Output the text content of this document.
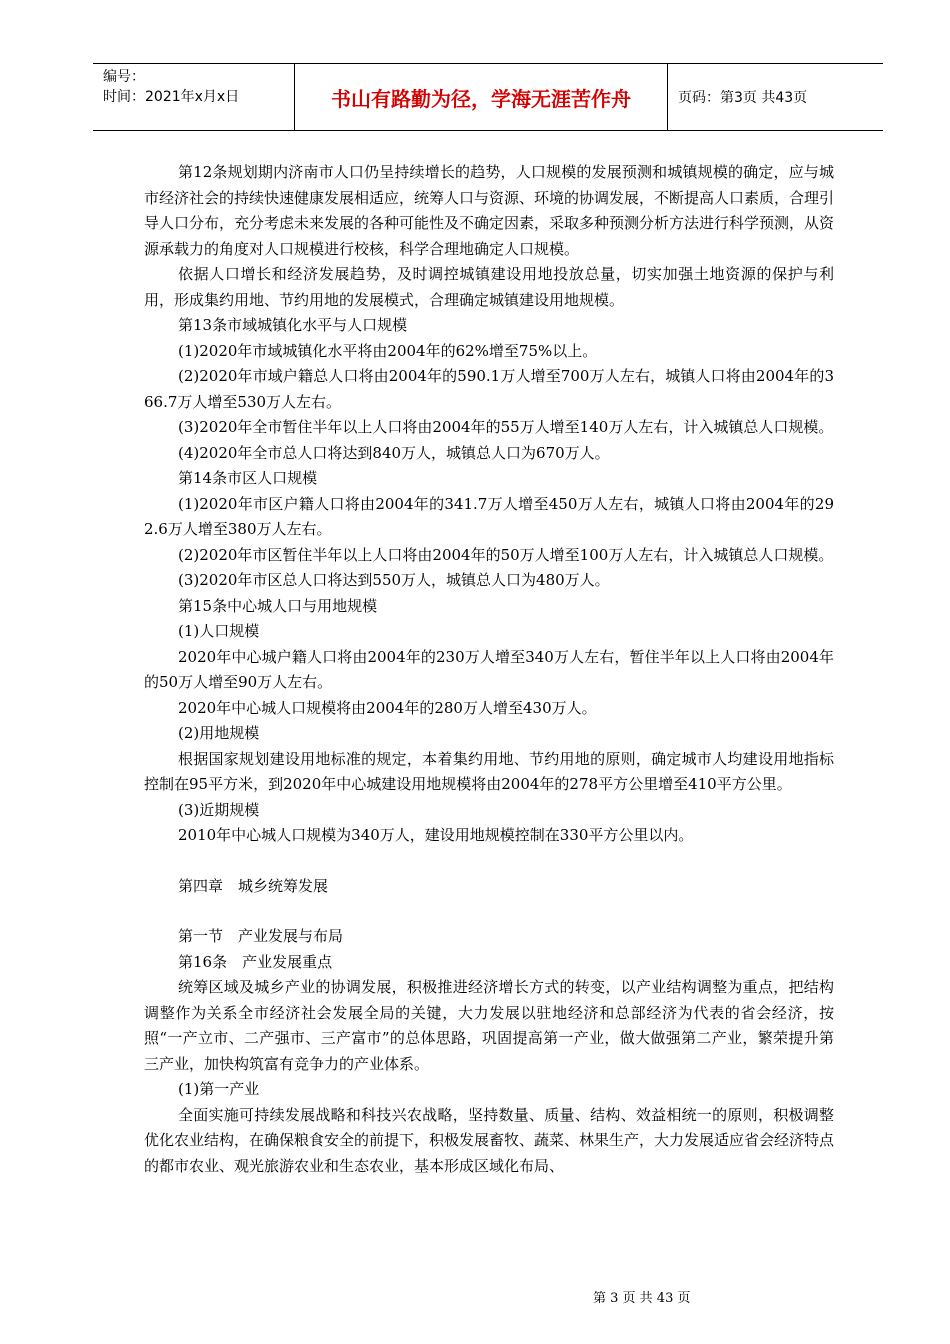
编号：
时间：2021年x月x日	书山有路勤为径，学海无涯苦作舟	页码：第3页 共43页

第12条规划期内济南市人口仍呈持续增长的趋势，人口规模的发展预测和城镇规模的确定，应与城市经济社会的持续快速健康发展相适应，统筹人口与资源、环境的协调发展，不断提高人口素质，合理引导人口分布，充分考虑未来发展的各种可能性及不确定因素，采取多种预测分析方法进行科学预测，从资源承载力的角度对人口规模进行校核，科学合理地确定人口规模。

依据人口增长和经济发展趋势，及时调控城镇建设用地投放总量，切实加强土地资源的保护与利用，形成集约用地、节约用地的发展模式，合理确定城镇建设用地规模。

第13条市域城镇化水平与人口规模

(1)2020年市域城镇化水平将由2004年的62%增至75%以上。

(2)2020年市域户籍总人口将由2004年的590.1万人增至700万人左右，城镇人口将由2004年的366.7万人增至530万人左右。

(3)2020年全市暂住半年以上人口将由2004年的55万人增至140万人左右，计入城镇总人口规模。

(4)2020年全市总人口将达到840万人，城镇总人口为670万人。

第14条市区人口规模

(1)2020年市区户籍人口将由2004年的341.7万人增至450万人左右，城镇人口将由2004年的292.6万人增至380万人左右。

(2)2020年市区暂住半年以上人口将由2004年的50万人增至100万人左右，计入城镇总人口规模。

(3)2020年市区总人口将达到550万人，城镇总人口为480万人。

第15条中心城人口与用地规模

(1)人口规模

2020年中心城户籍人口将由2004年的230万人增至340万人左右，暂住半年以上人口将由2004年的50万人增至90万人左右。

2020年中心城人口规模将由2004年的280万人增至430万人。

(2)用地规模

根据国家规划建设用地标准的规定，本着集约用地、节约用地的原则，确定城市人均建设用地指标控制在95平方米，到2020年中心城建设用地规模将由2004年的278平方公里增至410平方公里。

(3)近期规模

2010年中心城人口规模为340万人，建设用地规模控制在330平方公里以内。

第四章　城乡统筹发展

第一节　产业发展与布局

第16条　产业发展重点

统筹区域及城乡产业的协调发展，积极推进经济增长方式的转变，以产业结构调整为重点，把结构调整作为关系全市经济社会发展全局的关键，大力发展以驻地经济和总部经济为代表的省会经济，按照“一产立市、二产强市、三产富市”的总体思路，巩固提高第一产业，做大做强第二产业，繁荣提升第三产业，加快构筑富有竞争力的产业体系。

(1)第一产业

全面实施可持续发展战略和科技兴农战略，坚持数量、质量、结构、效益相统一的原则，积极调整优化农业结构，在确保粮食安全的前提下，积极发展畜牧、蔬菜、林果生产，大力发展适应省会经济特点的都市农业、观光旅游农业和生态农业，基本形成区域化布局、

第 3 页 共 43 页
